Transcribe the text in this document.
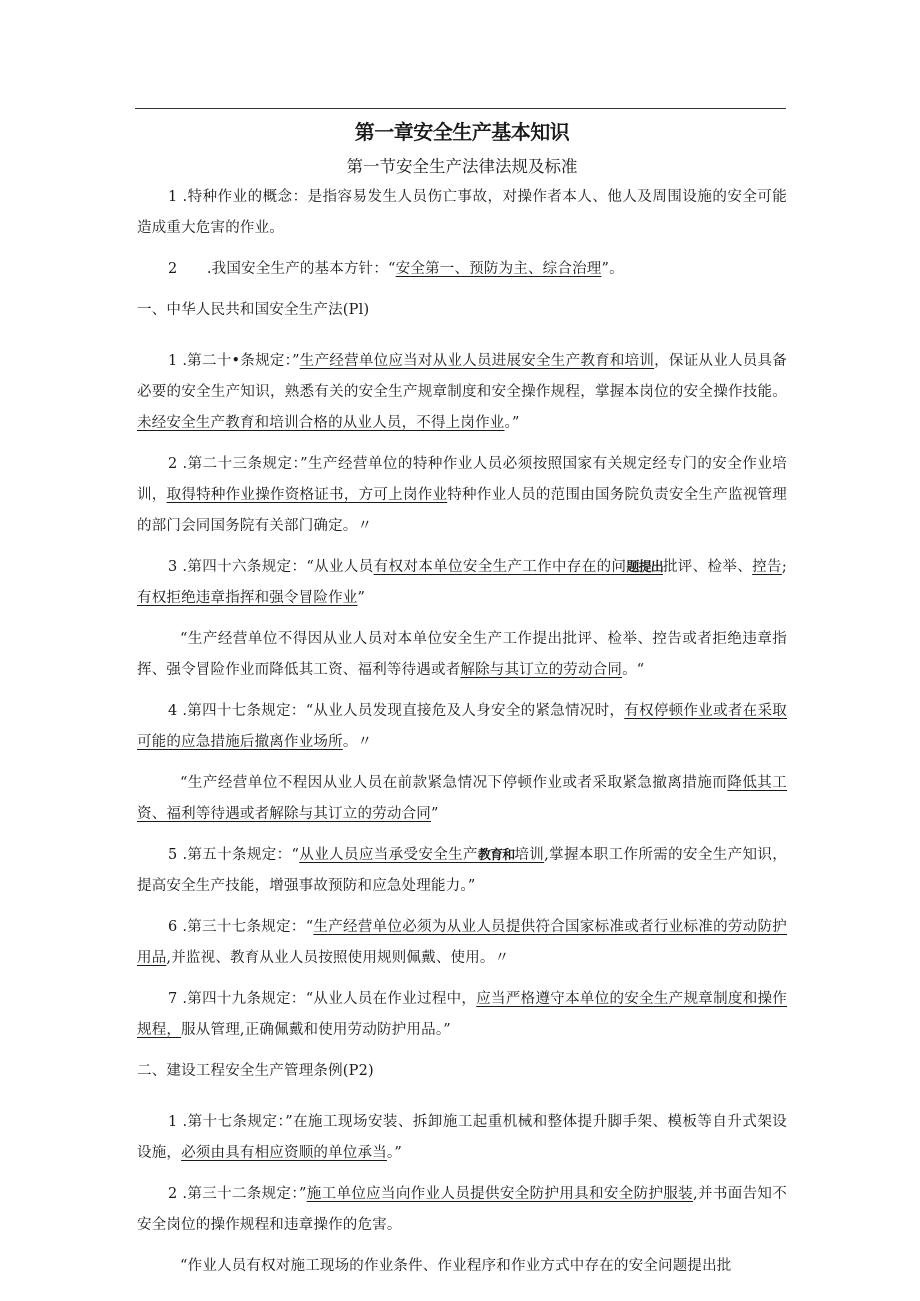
第一章安全生产基本知识
第一节安全生产法律法规及标准

1 .特种作业的概念：是指容易发生人员伤亡事故，对操作者本人、他人及周围设施的安全可能造成重大危害的作业。

2   .我国安全生产的基本方针：“安全第一、预防为主、综合治理”。

一、中华人民共和国安全生产法(Pl)

1 .第二十•条规定：”生产经营单位应当对从业人员进展安全生产教育和培训，保证从业人员具备必要的安全生产知识，熟悉有关的安全生产规章制度和安全操作规程，掌握本岗位的安全操作技能。未经安全生产教育和培训合格的从业人员，不得上岗作业。”

2 .第二十三条规定：”生产经营单位的特种作业人员必须按照国家有关规定经专门的安全作业培训，取得特种作业操作资格证书，方可上岗作业特种作业人员的范围由国务院负责安全生产监视管理的部门会同国务院有关部门确定。〃

3 .第四十六条规定：“从业人员有权对本单位安全生产工作中存在的问题提出批评、检举、控告;有权拒绝违章指挥和强令冒险作业”

“生产经营单位不得因从业人员对本单位安全生产工作提出批评、检举、控告或者拒绝违章指挥、强令冒险作业而降低其工资、福利等待遇或者解除与其订立的劳动合同。“

4 .第四十七条规定：“从业人员发现直接危及人身安全的紧急情况时，有权停顿作业或者在采取可能的应急措施后撤离作业场所。〃

“生产经营单位不程因从业人员在前款紧急情况下停顿作业或者采取紧急撤离措施而降低其工资、福利等待遇或者解除与其订立的劳动合同”

5 .第五十条规定：“从业人员应当承受安全生产教育和培训,掌握本职工作所需的安全生产知识，提高安全生产技能，增强事故预防和应急处理能力。”

6 .第三十七条规定：“生产经营单位必须为从业人员提供符合国家标准或者行业标准的劳动防护用品,并监视、教育从业人员按照使用规则佩戴、使用。〃

7 .第四十九条规定：“从业人员在作业过程中，应当严格遵守本单位的安全生产规章制度和操作规程，服从管理,正确佩戴和使用劳动防护用品。”

二、建设工程安全生产管理条例(P2)

1 .第十七条规定：”在施工现场安装、拆卸施工起重机械和整体提升脚手架、模板等自升式架设设施，必须由具有相应资顺的单位承当。”

2 .第三十二条规定：”施工单位应当向作业人员提供安全防护用具和安全防护服装,并书面告知不安全岗位的操作规程和违章操作的危害。

“作业人员有权对施工现场的作业条件、作业程序和作业方式中存在的安全问题提出批
